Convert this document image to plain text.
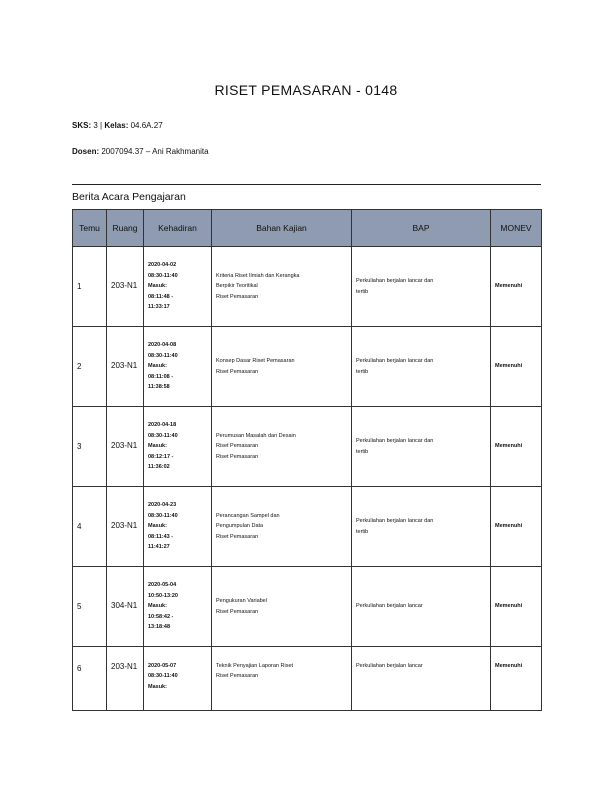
RISET PEMASARAN - 0148
SKS: 3 | Kelas: 04.6A.27
Dosen: 2007094.37 – Ani Rakhmanita
Berita Acara Pengajaran
Temu	Ruang	Kehadiran	Bahan Kajian	BAP	MONEV
1	203-N1	2020-04-02
08:30-11:40
Masuk:
08:11:48 -
11:33:17	Kriteria Riset Ilmiah dan Kerangka
Berpikir Teoritikal
Riset Pemasaran	Perkuliahan berjalan lancar dan
tertib	Memenuhi
2	203-N1	2020-04-08
08:30-11:40
Masuk:
08:11:08 -
11:38:58	Konsep Dasar Riset Pemasaran
Riset Pemasaran	Perkuliahan berjalan lancar dan
tertib	Memenuhi
3	203-N1	2020-04-18
08:30-11:40
Masuk:
08:12:17 -
11:36:02	Perumusan Masalah dan Desain
Riset Pemasaran
Riset Pemasaran	Perkuliahan berjalan lancar dan
tertib	Memenuhi
4	203-N1	2020-04-23
08:30-11:40
Masuk:
08:11:43 -
11:41:27	Perancangan Sampel dan
Pengumpulan Data
Riset Pemasaran	Perkuliahan berjalan lancar dan
tertib	Memenuhi
5	304-N1	2020-05-04
10:50-13:20
Masuk:
10:58:42 -
13:18:48	Pengukuran Variabel
Riset Pemasaran	Perkuliahan berjalan lancar	Memenuhi
6	203-N1	2020-05-07
08:30-11:40
Masuk:	Teknik Penyajian Laporan Riset
Riset Pemasaran	Perkuliahan berjalan lancar	Memenuhi
